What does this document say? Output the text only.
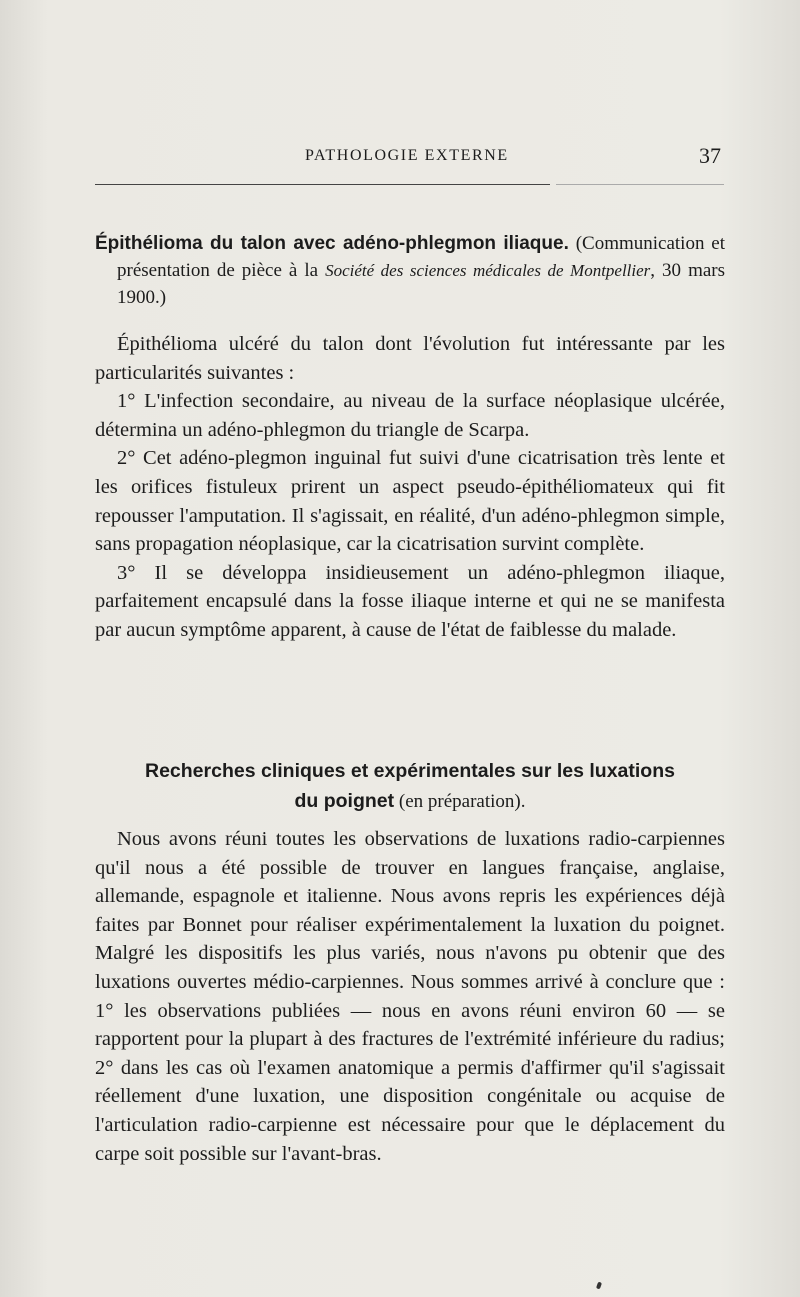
PATHOLOGIE EXTERNE	37

Épithélioma du talon avec adéno-phlegmon iliaque. (Communication et présentation de pièce à la Société des sciences médicales de Montpellier, 30 mars 1900.)

Épithélioma ulcéré du talon dont l'évolution fut intéressante par les particularités suivantes :

1° L'infection secondaire, au niveau de la surface néoplasique ulcérée, détermina un adéno-phlegmon du triangle de Scarpa.

2° Cet adéno-plegmon inguinal fut suivi d'une cicatrisation très lente et les orifices fistuleux prirent un aspect pseudo-épithéliomateux qui fit repousser l'amputation. Il s'agissait, en réalité, d'un adéno-phlegmon simple, sans propagation néoplasique, car la cicatrisation survint complète.

3° Il se développa insidieusement un adéno-phlegmon iliaque, parfaitement encapsulé dans la fosse iliaque interne et qui ne se manifesta par aucun symptôme apparent, à cause de l'état de faiblesse du malade.

Recherches cliniques et expérimentales sur les luxations
du poignet (en préparation).

Nous avons réuni toutes les observations de luxations radio-carpiennes qu'il nous a été possible de trouver en langues française, anglaise, allemande, espagnole et italienne. Nous avons repris les expériences déjà faites par Bonnet pour réaliser expérimentalement la luxation du poignet. Malgré les dispositifs les plus variés, nous n'avons pu obtenir que des luxations ouvertes médio-carpiennes. Nous sommes arrivé à conclure que : 1° les observations publiées — nous en avons réuni environ 60 — se rapportent pour la plupart à des fractures de l'extrémité inférieure du radius; 2° dans les cas où l'examen anatomique a permis d'affirmer qu'il s'agissait réellement d'une luxation, une disposition congénitale ou acquise de l'articulation radio-carpienne est nécessaire pour que le déplacement du carpe soit possible sur l'avant-bras.
